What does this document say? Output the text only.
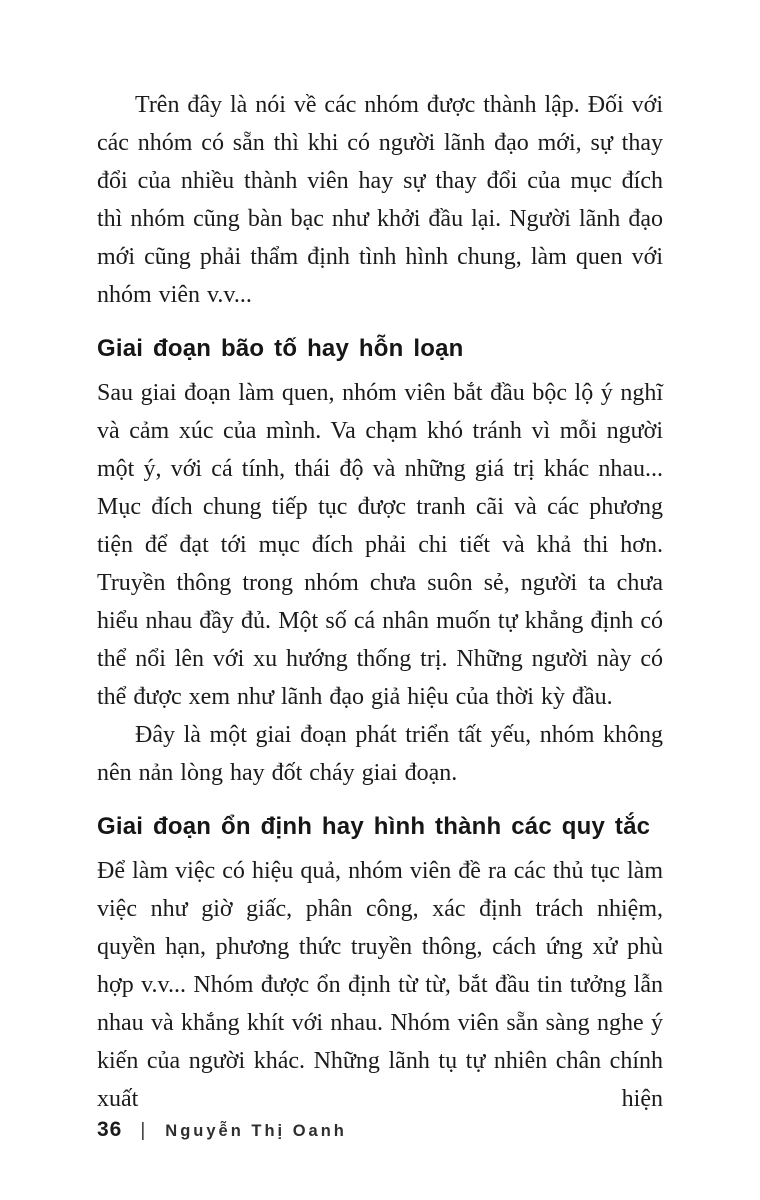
Trên đây là nói về các nhóm được thành lập. Đối với các nhóm có sẵn thì khi có người lãnh đạo mới, sự thay đổi của nhiều thành viên hay sự thay đổi của mục đích thì nhóm cũng bàn bạc như khởi đầu lại. Người lãnh đạo mới cũng phải thẩm định tình hình chung, làm quen với nhóm viên v.v...

Giai đoạn bão tố hay hỗn loạn

Sau giai đoạn làm quen, nhóm viên bắt đầu bộc lộ ý nghĩ và cảm xúc của mình. Va chạm khó tránh vì mỗi người một ý, với cá tính, thái độ và những giá trị khác nhau... Mục đích chung tiếp tục được tranh cãi và các phương tiện để đạt tới mục đích phải chi tiết và khả thi hơn. Truyền thông trong nhóm chưa suôn sẻ, người ta chưa hiểu nhau đầy đủ. Một số cá nhân muốn tự khẳng định có thể nổi lên với xu hướng thống trị. Những người này có thể được xem như lãnh đạo giả hiệu của thời kỳ đầu.

Đây là một giai đoạn phát triển tất yếu, nhóm không nên nản lòng hay đốt cháy giai đoạn.

Giai đoạn ổn định hay hình thành các quy tắc

Để làm việc có hiệu quả, nhóm viên đề ra các thủ tục làm việc như giờ giấc, phân công, xác định trách nhiệm, quyền hạn, phương thức truyền thông, cách ứng xử phù hợp v.v... Nhóm được ổn định từ từ, bắt đầu tin tưởng lẫn nhau và khắng khít với nhau. Nhóm viên sẵn sàng nghe ý kiến của người khác. Những lãnh tụ tự nhiên chân chính xuất hiện

36 | Nguyễn Thị Oanh
